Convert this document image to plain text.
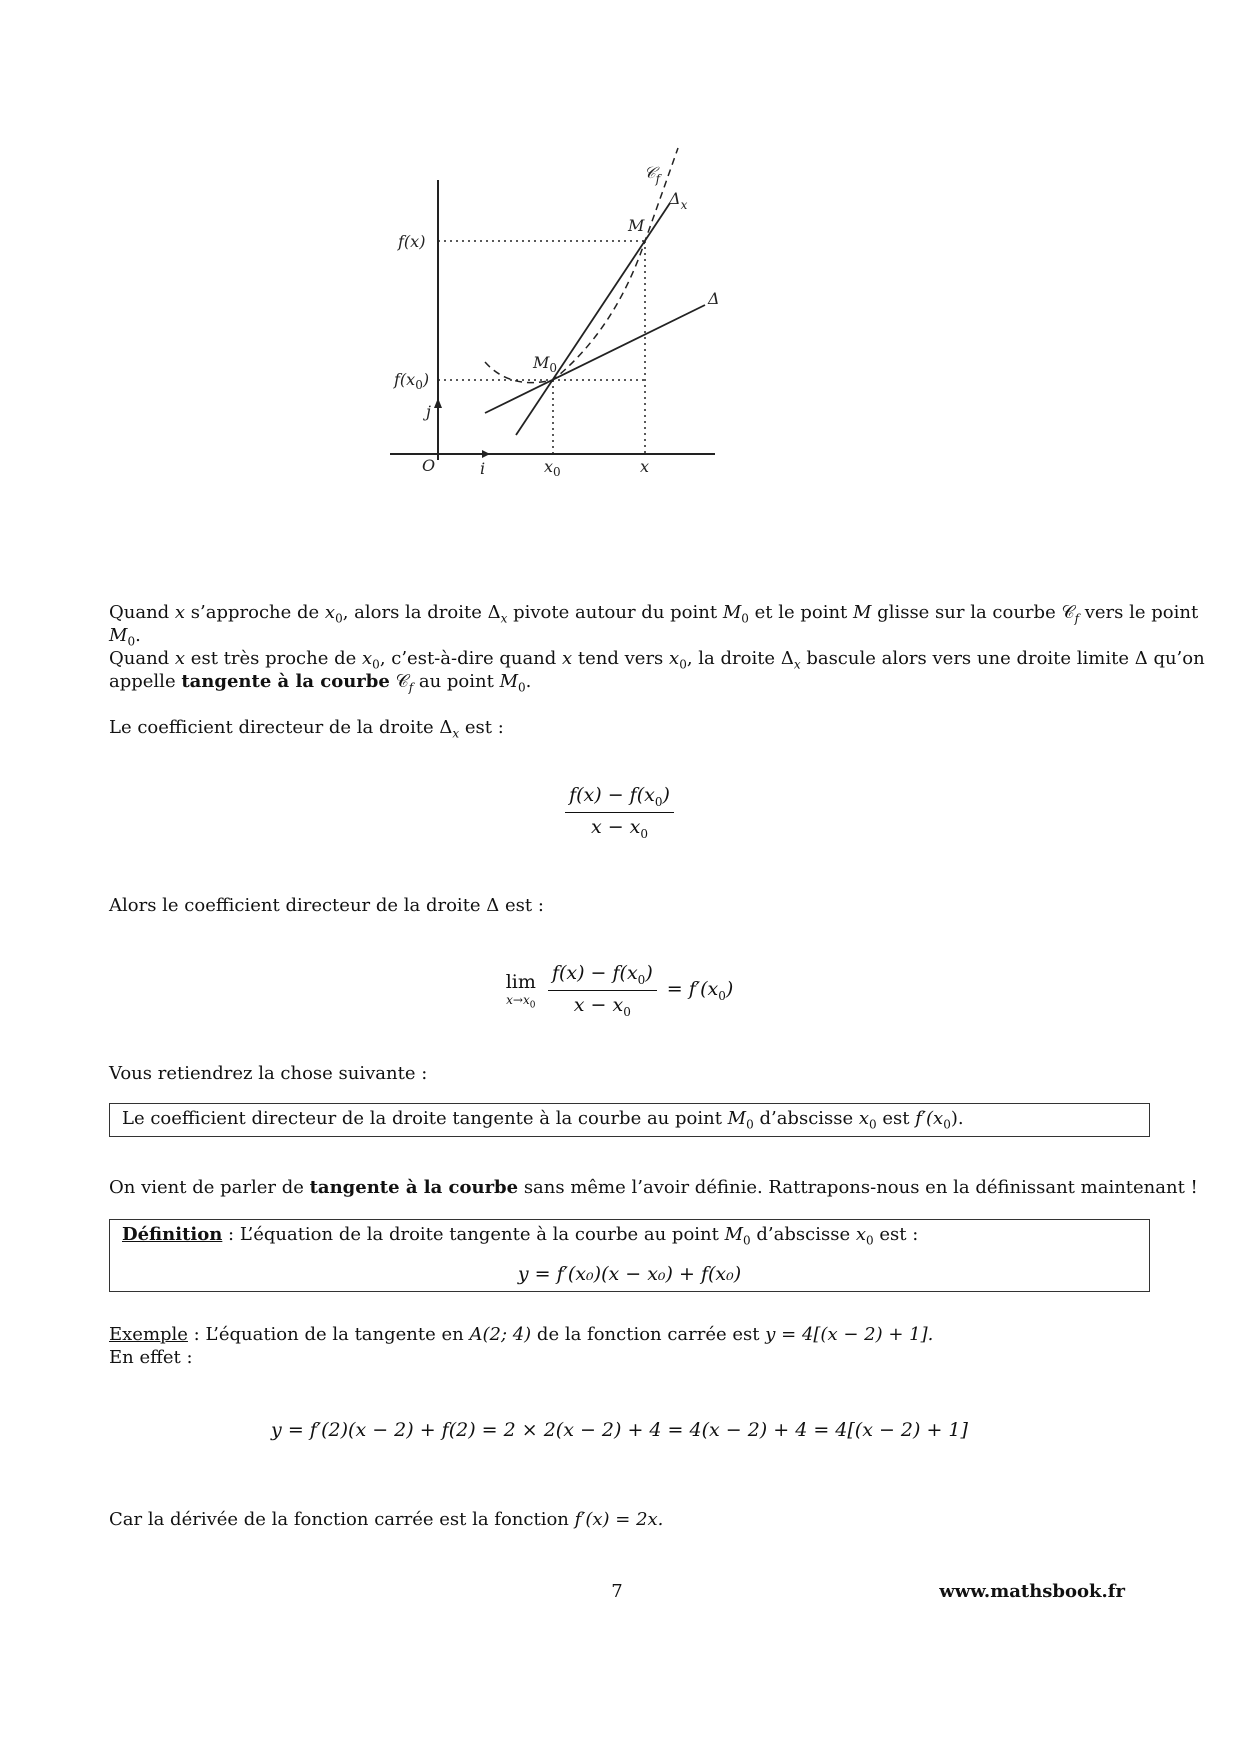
𝒞$_f$
$\Delta_x$
M
f(x)
Δ
$M_0$
$f(x_0)$
j
O	i	$x_0$	x
Quand x s’approche de $x_0$, alors la droite $\Delta_x$ pivote autour du point $M_0$ et le point M glisse sur la courbe 𝒞$_f$ vers le point
$M_0$.
Quand x est très proche de $x_0$, c’est-à-dire quand x tend vers $x_0$, la droite $\Delta_x$ bascule alors vers une droite limite Δ qu’on
appelle tangente à la courbe 𝒞$_f$ au point $M_0$.
Le coefficient directeur de la droite $\Delta_x$ est :
$\frac{f(x) - f(x_0)}{x - x_0}$
Alors le coefficient directeur de la droite Δ est :
lim
$x\to x_0$
$\frac{f(x) - f(x_0)}{x - x_0} = f'(x_0)$
Vous retiendrez la chose suivante :
Le coefficient directeur de la droite tangente à la courbe au point $M_0$ d’abscisse $x_0$ est $f'(x_0)$.
On vient de parler de tangente à la courbe sans même l’avoir définie. Rattrapons-nous en la définissant maintenant !
Définition : L’équation de la droite tangente à la courbe au point $M_0$ d’abscisse $x_0$ est :
y = f′(x₀)(x − x₀) + f(x₀)
Exemple : L’équation de la tangente en A(2; 4) de la fonction carrée est y = 4[(x − 2) + 1].
En effet :
y = f′(2)(x − 2) + f(2) = 2 × 2(x − 2) + 4 = 4(x − 2) + 4 = 4[(x − 2) + 1]
Car la dérivée de la fonction carrée est la fonction f′(x) = 2x.
7	www.mathsbook.fr
